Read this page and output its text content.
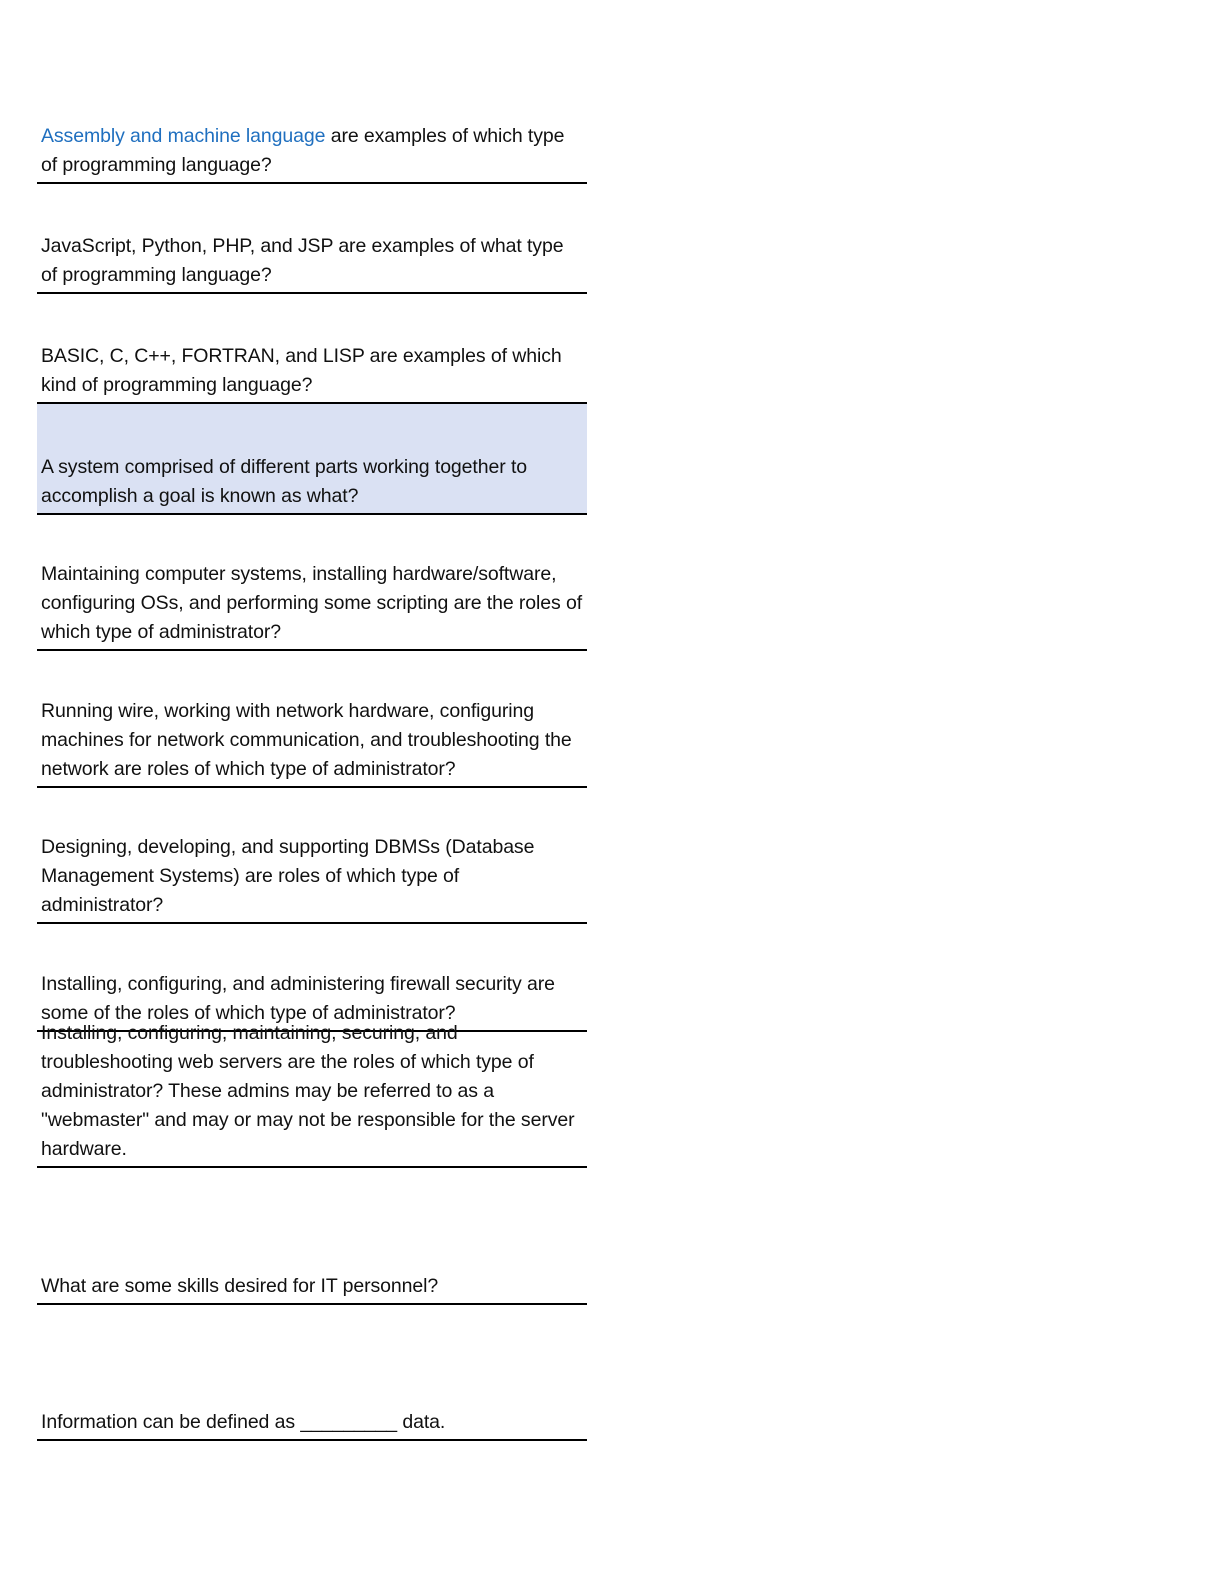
Assembly and machine language are examples of which type of programming language?
JavaScript, Python, PHP, and JSP are examples of what type of programming language?
BASIC, C, C++, FORTRAN, and LISP are examples of which kind of programming language?
A system comprised of different parts working together to accomplish a goal is known as what?
Maintaining computer systems, installing hardware/software, configuring OSs, and performing some scripting are the roles of which type of administrator?
Running wire, working with network hardware, configuring machines for network communication, and troubleshooting the network are roles of which type of administrator?
Designing, developing, and supporting DBMSs (Database Management Systems) are roles of which type of administrator?
Installing, configuring, and administering firewall security are some of the roles of which type of administrator?
Installing, configuring, maintaining, securing, and troubleshooting web servers are the roles of which type of administrator? These admins may be referred to as a "webmaster" and may or may not be responsible for the server hardware.
What are some skills desired for IT personnel?
Information can be defined as _________ data.
